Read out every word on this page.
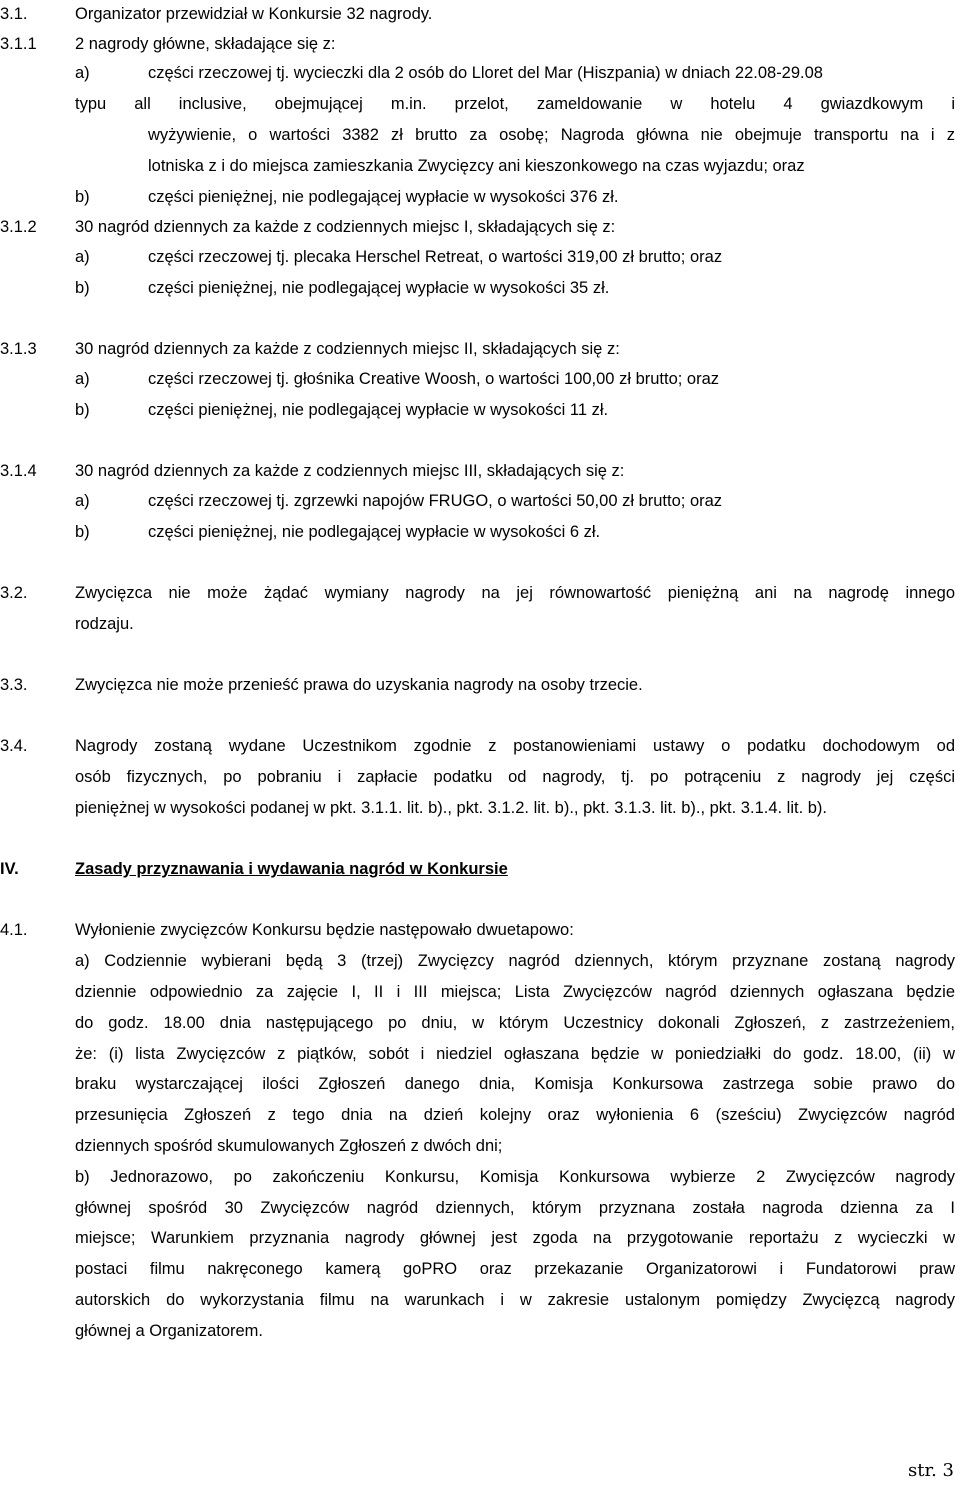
3.1.	Organizator przewidział w Konkursie 32 nagrody.
3.1.1 2 nagrody główne, składające się z:
a)	części rzeczowej tj. wycieczki dla 2 osób do Lloret del Mar (Hiszpania) w dniach 22.08-29.08
typu all inclusive, obejmującej m.in. przelot, zameldowanie w hotelu 4 gwiazdkowym i
wyżywienie, o wartości 3382 zł brutto za osobę; Nagroda główna nie obejmuje transportu na i z
lotniska z i do miejsca zamieszkania Zwycięzcy ani kieszonkowego na czas wyjazdu; oraz
b)	części pieniężnej, nie podlegającej wypłacie w wysokości 376 zł.
3.1.2 30 nagród dziennych za każde z codziennych miejsc I, składających się z:
a)	części rzeczowej tj. plecaka Herschel Retreat, o wartości 319,00 zł brutto; oraz
b)	części pieniężnej, nie podlegającej wypłacie w wysokości 35 zł.
3.1.3 30 nagród dziennych za każde z codziennych miejsc II, składających się z:
a)	części rzeczowej tj. głośnika Creative Woosh, o wartości 100,00 zł brutto; oraz
b)	części pieniężnej, nie podlegającej wypłacie w wysokości 11 zł.
3.1.4 30 nagród dziennych za każde z codziennych miejsc III, składających się z:
a)	części rzeczowej tj. zgrzewki napojów FRUGO, o wartości 50,00 zł brutto; oraz
b)	części pieniężnej, nie podlegającej wypłacie w wysokości 6 zł.
3.2.	Zwycięzca nie może żądać wymiany nagrody na jej równowartość pieniężną ani na nagrodę innego
rodzaju.
3.3.	Zwycięzca nie może przenieść prawa do uzyskania nagrody na osoby trzecie.
3.4.	Nagrody zostaną wydane Uczestnikom zgodnie z postanowieniami ustawy o podatku dochodowym od
osób fizycznych, po pobraniu i zapłacie podatku od nagrody, tj. po potrąceniu z nagrody jej części
pieniężnej w wysokości podanej w pkt. 3.1.1. lit. b)., pkt. 3.1.2. lit. b)., pkt. 3.1.3. lit. b)., pkt. 3.1.4. lit. b).
IV.	Zasady przyznawania i wydawania nagród w Konkursie
4.1.	Wyłonienie zwycięzców Konkursu będzie następowało dwuetapowo:
a) Codziennie wybierani będą 3 (trzej) Zwycięzcy nagród dziennych, którym przyznane zostaną nagrody
dziennie odpowiednio za zajęcie I, II i III miejsca; Lista Zwycięzców nagród dziennych ogłaszana będzie
do godz. 18.00 dnia następującego po dniu, w którym Uczestnicy dokonali Zgłoszeń, z zastrzeżeniem,
że: (i) lista Zwycięzców z piątków, sobót i niedziel ogłaszana będzie w poniedziałki do godz. 18.00, (ii) w
braku wystarczającej ilości Zgłoszeń danego dnia, Komisja Konkursowa zastrzega sobie prawo do
przesunięcia Zgłoszeń z tego dnia na dzień kolejny oraz wyłonienia 6 (sześciu) Zwycięzców nagród
dziennych spośród skumulowanych Zgłoszeń z dwóch dni;
b) Jednorazowo, po zakończeniu Konkursu, Komisja Konkursowa wybierze 2 Zwycięzców nagrody
głównej spośród 30 Zwycięzców nagród dziennych, którym przyznana została nagroda dzienna za I
miejsce; Warunkiem przyznania nagrody głównej jest zgoda na przygotowanie reportażu z wycieczki w
postaci filmu nakręconego kamerą goPRO oraz przekazanie Organizatorowi i Fundatorowi praw
autorskich do wykorzystania filmu na warunkach i w zakresie ustalonym pomiędzy Zwycięzcą nagrody
głównej a Organizatorem.
str. 3
